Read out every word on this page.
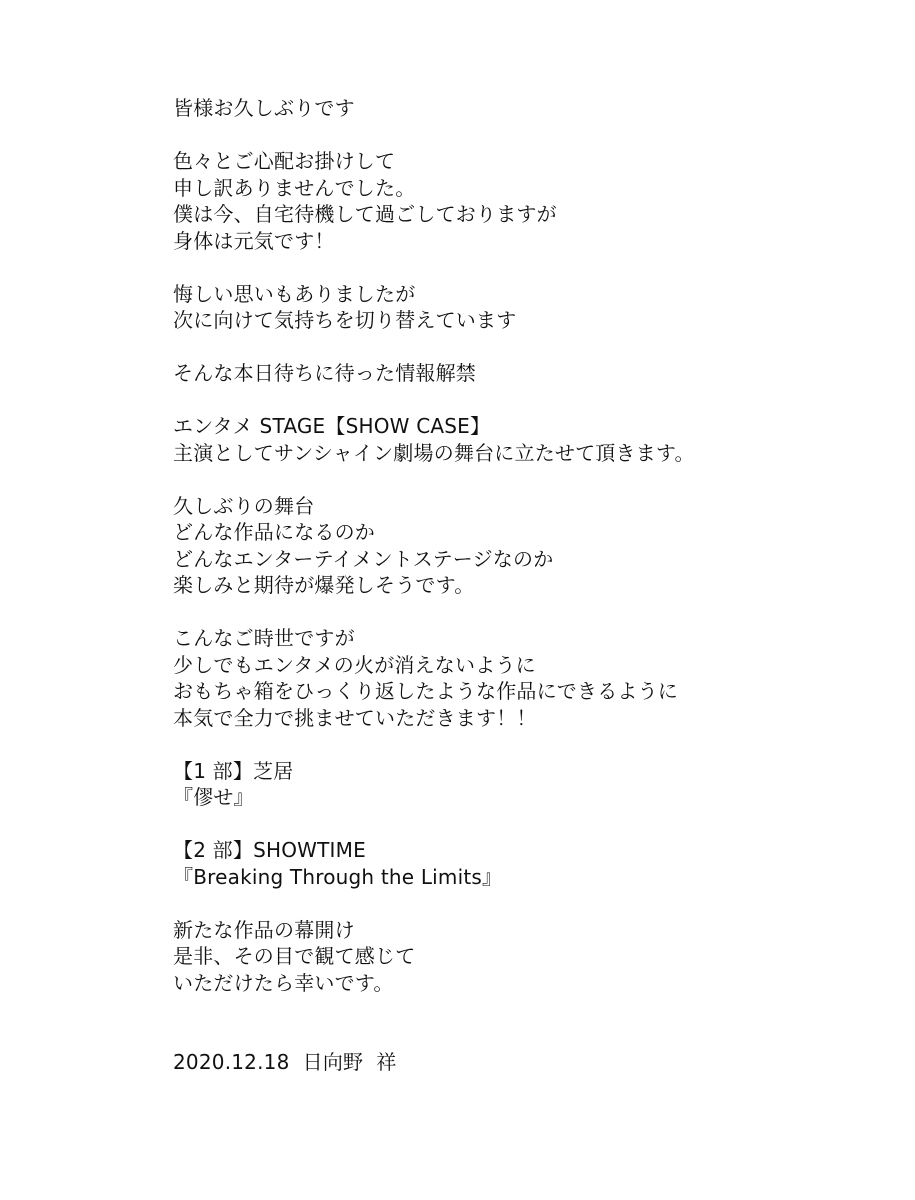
皆様お久しぶりです
色々とご心配お掛けして
申し訳ありませんでした。
僕は今、自宅待機して過ごしておりますが
身体は元気です！
悔しい思いもありましたが
次に向けて気持ちを切り替えています
そんな本日待ちに待った情報解禁
エンタメ STAGE【SHOW CASE】
主演としてサンシャイン劇場の舞台に立たせて頂きます。
久しぶりの舞台
どんな作品になるのか
どんなエンターテイメントステージなのか
楽しみと期待が爆発しそうです。
こんなご時世ですが
少しでもエンタメの火が消えないように
おもちゃ箱をひっくり返したような作品にできるように
本気で全力で挑ませていただきます！！
【1 部】芝居
『僇せ』
【2 部】SHOWTIME
『Breaking Through the Limits』
新たな作品の幕開け
是非、その目で観て感じて
いただけたら幸いです。
2020.12.18  日向野  祥
